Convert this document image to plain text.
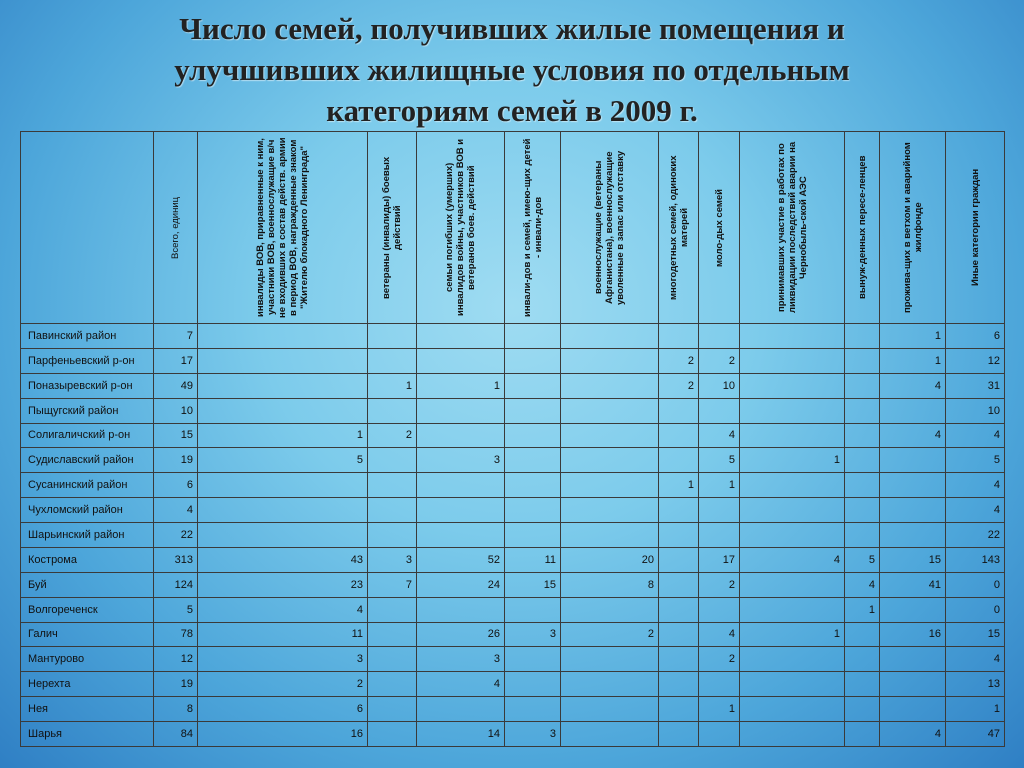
Число семей, получивших жилые помещения и
улучшивших жилищные условия по отдельным
категориям семей в 2009 г.

	Всего, единиц	инвалиды ВОВ, приравненные к ним, участники ВОВ, военнослужащие в/ч не входивших в состав действ. армии в период ВОВ, награжденные знаком "Жителю блокадного Ленинграда"	ветераны (инвалиды) боевых действий	семьи погибших (умерших) инвалидов войны, участников ВОВ и ветеранов боев. действий	инвали-дов и семей, имею-щих детей - инвали-дов	военнослужащие (ветераны Афганистана), военнослужащие уволенные в запас или отставку	многодетных семей, одиноких матерей	моло-дых семей	принимавших участие в работах по ликвидации последствий аварии на Чернобыль-ской АЭС	вынуж-денных пересе-ленцев	прожива-щих в ветхом и аварийном жилфонде	Иные категории граждан

Павинский район	7										1	6
Парфеньевский р-он	17						2	2			1	12
Поназыревский р-он	49		1	1			2	10			4	31
Пыщугский район	10											10
Солигаличский р-он	15	1	2					4			4	4
Судиславский район	19	5		3				5	1			5
Сусанинский район	6						1	1				4
Чухломский район	4											4
Шарьинский район	22											22
Кострома	313	43	3	52	11	20		17	4	5	15	143
Буй	124	23	7	24	15	8		2		4	41	0
Волгореченск	5	4								1		0
Галич	78	11		26	3	2		4	1		16	15
Мантурово	12	3		3				2				4
Нерехта	19	2		4								13
Нея	8	6						1				1
Шарья	84	16		14	3						4	47
